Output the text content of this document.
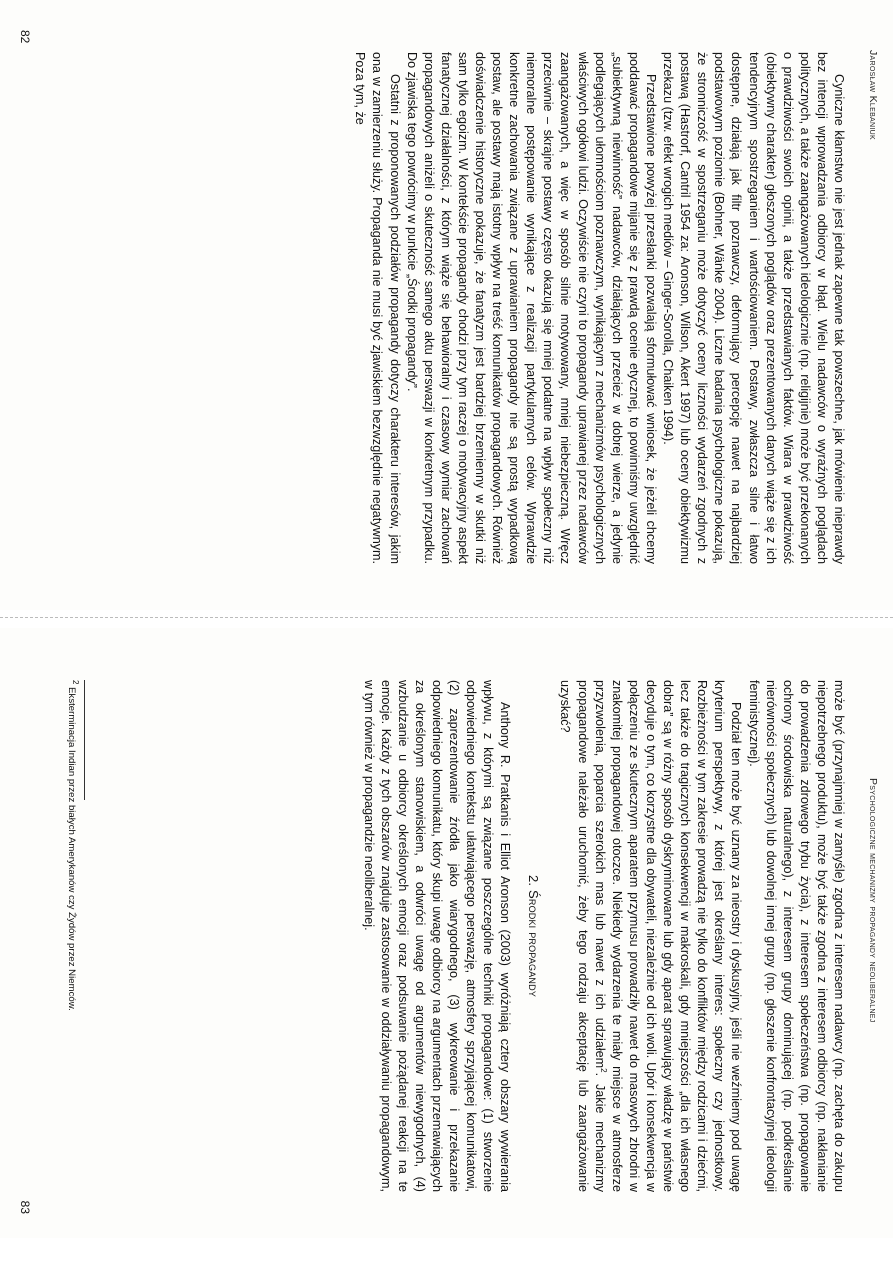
Jarosław Klebaniuk

Cyniczne kłamstwo nie jest jednak zapewne tak powszechne, jak mówienie nieprawdy bez intencji wprowadzania odbiorcy w błąd. Wielu nadawców o wyraźnych poglądach politycznych, a także zaangażowanych ideologicznie (np. religijnie) może być przekonanych o prawdziwości swoich opinii, a także przedstawianych faktów. Wiara w prawdziwość (obiektywny charakter) głoszonych poglądów oraz prezentowanych danych wiąże się z ich tendencyjnym spostrzeganiem i wartościowaniem. Postawy, zwłaszcza silne i łatwo dostępne, działają jak filtr poznawczy, deformujący percepcję nawet na najbardziej podstawowym poziomie (Bohner, Wänke 2004). Liczne badania psychologiczne pokazują, że stronniczość w spostrzeganiu może dotyczyć oceny liczności wydarzeń zgodnych z postawą (Hastrorf, Cantril 1954 za: Aronson, Wilson, Akert 1997) lub oceny obiektywizmu przekazu (tzw. efekt wrogich mediów – Ginger-Sorolla, Chaiken 1994).

Przedstawione powyżej przesłanki pozwalają sformułować wniosek, że jeżeli chcemy poddawać propagandowe mijanie się z prawdą ocenie etycznej, to powinniśmy uwzględnić „subiektywną niewinność” nadawców, działających przecież w dobrej wierze, a jedynie podlegających ułomnościom poznawczym, wynikającym z mechanizmów psychologicznych właściwych ogółowi ludzi. Oczywiście nie czyni to propagandy uprawianej przez nadawców zaangażowanych, a więc w sposób silnie motywowany, mniej niebezpieczną. Wręcz przeciwnie – skrajne postawy często okazują się mniej podatne na wpływ społeczny niż niemoralne postępowanie wynikające z realizacji partykularnych celów. Wprawdzie konkretne zachowania związane z uprawianiem propagandy nie są prostą wypadkową postaw, ale postawy mają istotny wpływ na treść komunikatów propagandowych. Również doświadczenie historyczne pokazuje, że fanatyzm jest bardziej brzemienny w skutki niż sam tylko egoizm. W kontekście propagandy chodzi przy tym raczej o motywacyjny aspekt fanatycznej działalności, z którym wiąże się behawioralny i czasowy wymiar zachowań propagandowych aniżeli o skuteczność samego aktu perswazji w konkretnym przypadku. Do zjawiska tego powrócimy w punkcie „Środki propagandy”.

Ostatni z proponowanych podziałów propagandy dotyczy charakteru interesów, jakim ona w zamierzeniu służy. Propaganda nie musi być zjawiskiem bezwzględnie negatywnym. Poza tym, że

82
Psychologiczne mechanizmy propagandy neoliberalnej

może być (przynajmniej w zamyśle) zgodna z interesem nadawcy (np. zachęta do zakupu niepotrzebnego produktu), może być także zgodna z interesem odbiorcy (np. nakłanianie do prowadzenia zdrowego trybu życia), z interesem społeczeństwa (np. propagowanie ochrony środowiska naturalnego), z interesem grupy dominującej (np. podkreślanie nierówności społecznych) lub dowolnej innej grupy (np. głoszenie konfrontacyjnej ideologii feministycznej).

Podział ten może być uznany za nieostry i dyskusyjny, jeśli nie weźmiemy pod uwagę kryterium perspektywy, z której jest określany interes: społeczny czy jednostkowy. Rozbieżności w tym zakresie prowadzą nie tylko do konfliktów między rodzicami i dziećmi, lecz także do tragicznych konsekwencji w makroskali, gdy mniejszości „dla ich własnego dobra” są w różny sposób dyskryminowane lub gdy aparat sprawujący władzę w państwie decyduje o tym, co korzystne dla obywateli, niezależnie od ich woli. Upór i konsekwencja w połączeniu ze skutecznym aparatem przymusu prowadziły nawet do masowych zbrodni w znakomitej propagandowej otoczce. Niekiedy wydarzenia te miały miejsce w atmosferze przyzwolenia, poparcia szerokich mas lub nawet z ich udziałem$^2$. Jakie mechanizmy propagandowe należało uruchomić, żeby tego rodzaju akceptację lub zaangażowanie uzyskać?

2. Środki propagandy

Anthony R. Pratkanis i Elliot Aronson (2003) wyróżniają cztery obszary wywierania wpływu, z którymi są związane poszczególne techniki propagandowe: (1) stworzenie odpowiedniego kontekstu ułatwiającego perswazję, atmosfery sprzyjającej komunikatowi, (2) zaprezentowanie źródła jako wiarygodnego, (3) wykreowanie i przekazanie odpowiedniego komunikatu, który skupi uwagę odbiorcy na argumentach przemawiających za określonym stanowiskiem, a odwróci uwagę od argumentów niewygodnych, (4) wzbudzanie u odbiorcy określonych emocji oraz podsuwanie pożądanej reakcji na te emocje. Każdy z tych obszarów znajduje zastosowanie w oddziaływaniu propagandowym, w tym również w propagandzie neoliberalnej.

$^2$ Eksterminacja Indian przez białych Amerykanów czy Żydów przez Niemców.
83
